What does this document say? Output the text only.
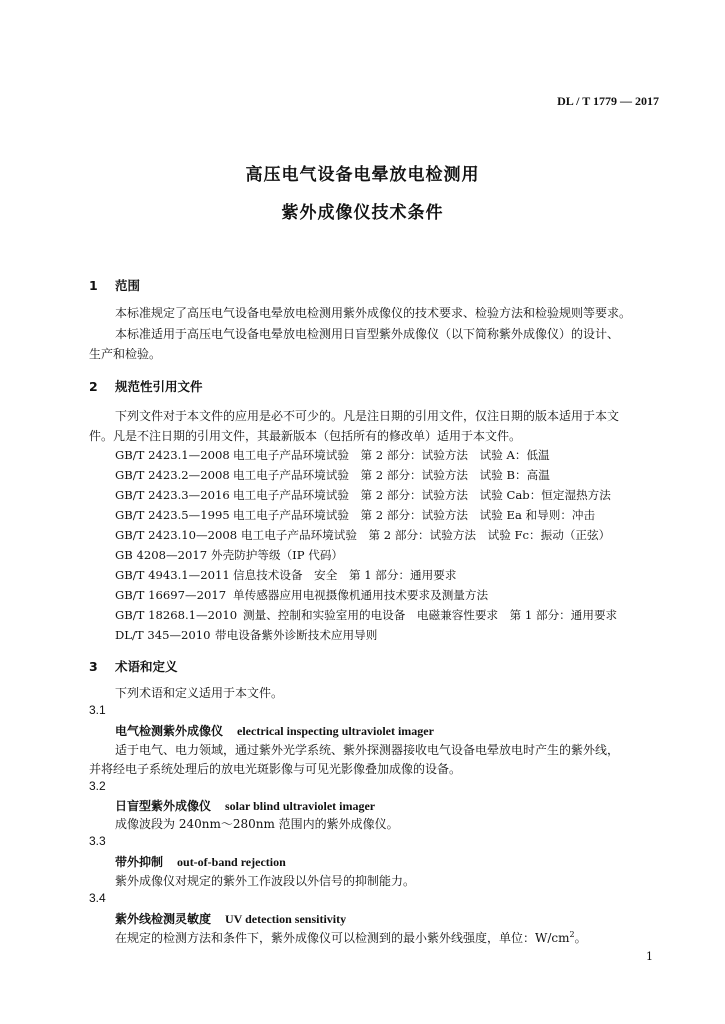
DL / T 1779 — 2017
高压电气设备电晕放电检测用
紫外成像仪技术条件
1 范围
本标准规定了高压电气设备电晕放电检测用紫外成像仪的技术要求、检验方法和检验规则等要求。
本标准适用于高压电气设备电晕放电检测用日盲型紫外成像仪（以下简称紫外成像仪）的设计、
生产和检验。
2 规范性引用文件
下列文件对于本文件的应用是必不可少的。凡是注日期的引用文件，仅注日期的版本适用于本文
件。凡是不注日期的引用文件，其最新版本（包括所有的修改单）适用于本文件。
GB/T 2423.1—2008 电工电子产品环境试验　第 2 部分：试验方法　试验 A：低温
GB/T 2423.2—2008 电工电子产品环境试验　第 2 部分：试验方法　试验 B：高温
GB/T 2423.3—2016 电工电子产品环境试验　第 2 部分：试验方法　试验 Cab：恒定湿热方法
GB/T 2423.5—1995 电工电子产品环境试验　第 2 部分：试验方法　试验 Ea 和导则：冲击
GB/T 2423.10—2008 电工电子产品环境试验　第 2 部分：试验方法　试验 Fc：振动（正弦）
GB 4208—2017 外壳防护等级（IP 代码）
GB/T 4943.1—2011 信息技术设备　安全　第 1 部分：通用要求
GB/T 16697—2017 单传感器应用电视摄像机通用技术要求及测量方法
GB/T 18268.1—2010 测量、控制和实验室用的电设备　电磁兼容性要求　第 1 部分：通用要求
DL/T 345—2010 带电设备紫外诊断技术应用导则
3 术语和定义
下列术语和定义适用于本文件。
3.1
电气检测紫外成像仪 electrical inspecting ultraviolet imager
适于电气、电力领域，通过紫外光学系统、紫外探测器接收电气设备电晕放电时产生的紫外线，
并将经电子系统处理后的放电光斑影像与可见光影像叠加成像的设备。
3.2
日盲型紫外成像仪 solar blind ultraviolet imager
成像波段为 240nm～280nm 范围内的紫外成像仪。
3.3
带外抑制 out-of-band rejection
紫外成像仪对规定的紫外工作波段以外信号的抑制能力。
3.4
紫外线检测灵敏度 UV detection sensitivity
在规定的检测方法和条件下，紫外成像仪可以检测到的最小紫外线强度，单位：$W/cm^2$。
1
